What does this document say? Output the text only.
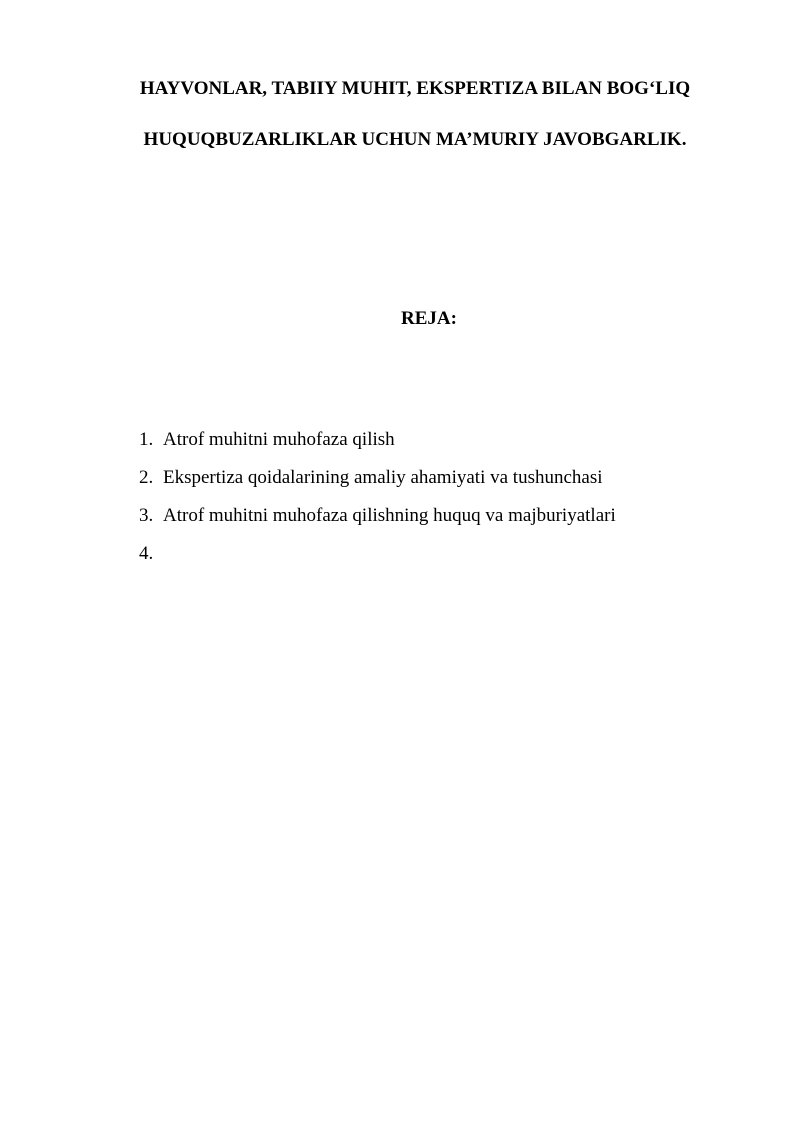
HAYVONLAR, TABIIY MUHIT, EKSPERTIZA BILAN BOG‘LIQ
HUQUQBUZARLIKLAR UCHUN MA’MURIY JAVOBGARLIK.
REJA:
1. Atrof muhitni muhofaza qilish
2. Ekspertiza qoidalarining amaliy ahamiyati va tushunchasi
3. Atrof muhitni muhofaza qilishning huquq va majburiyatlari
4.
